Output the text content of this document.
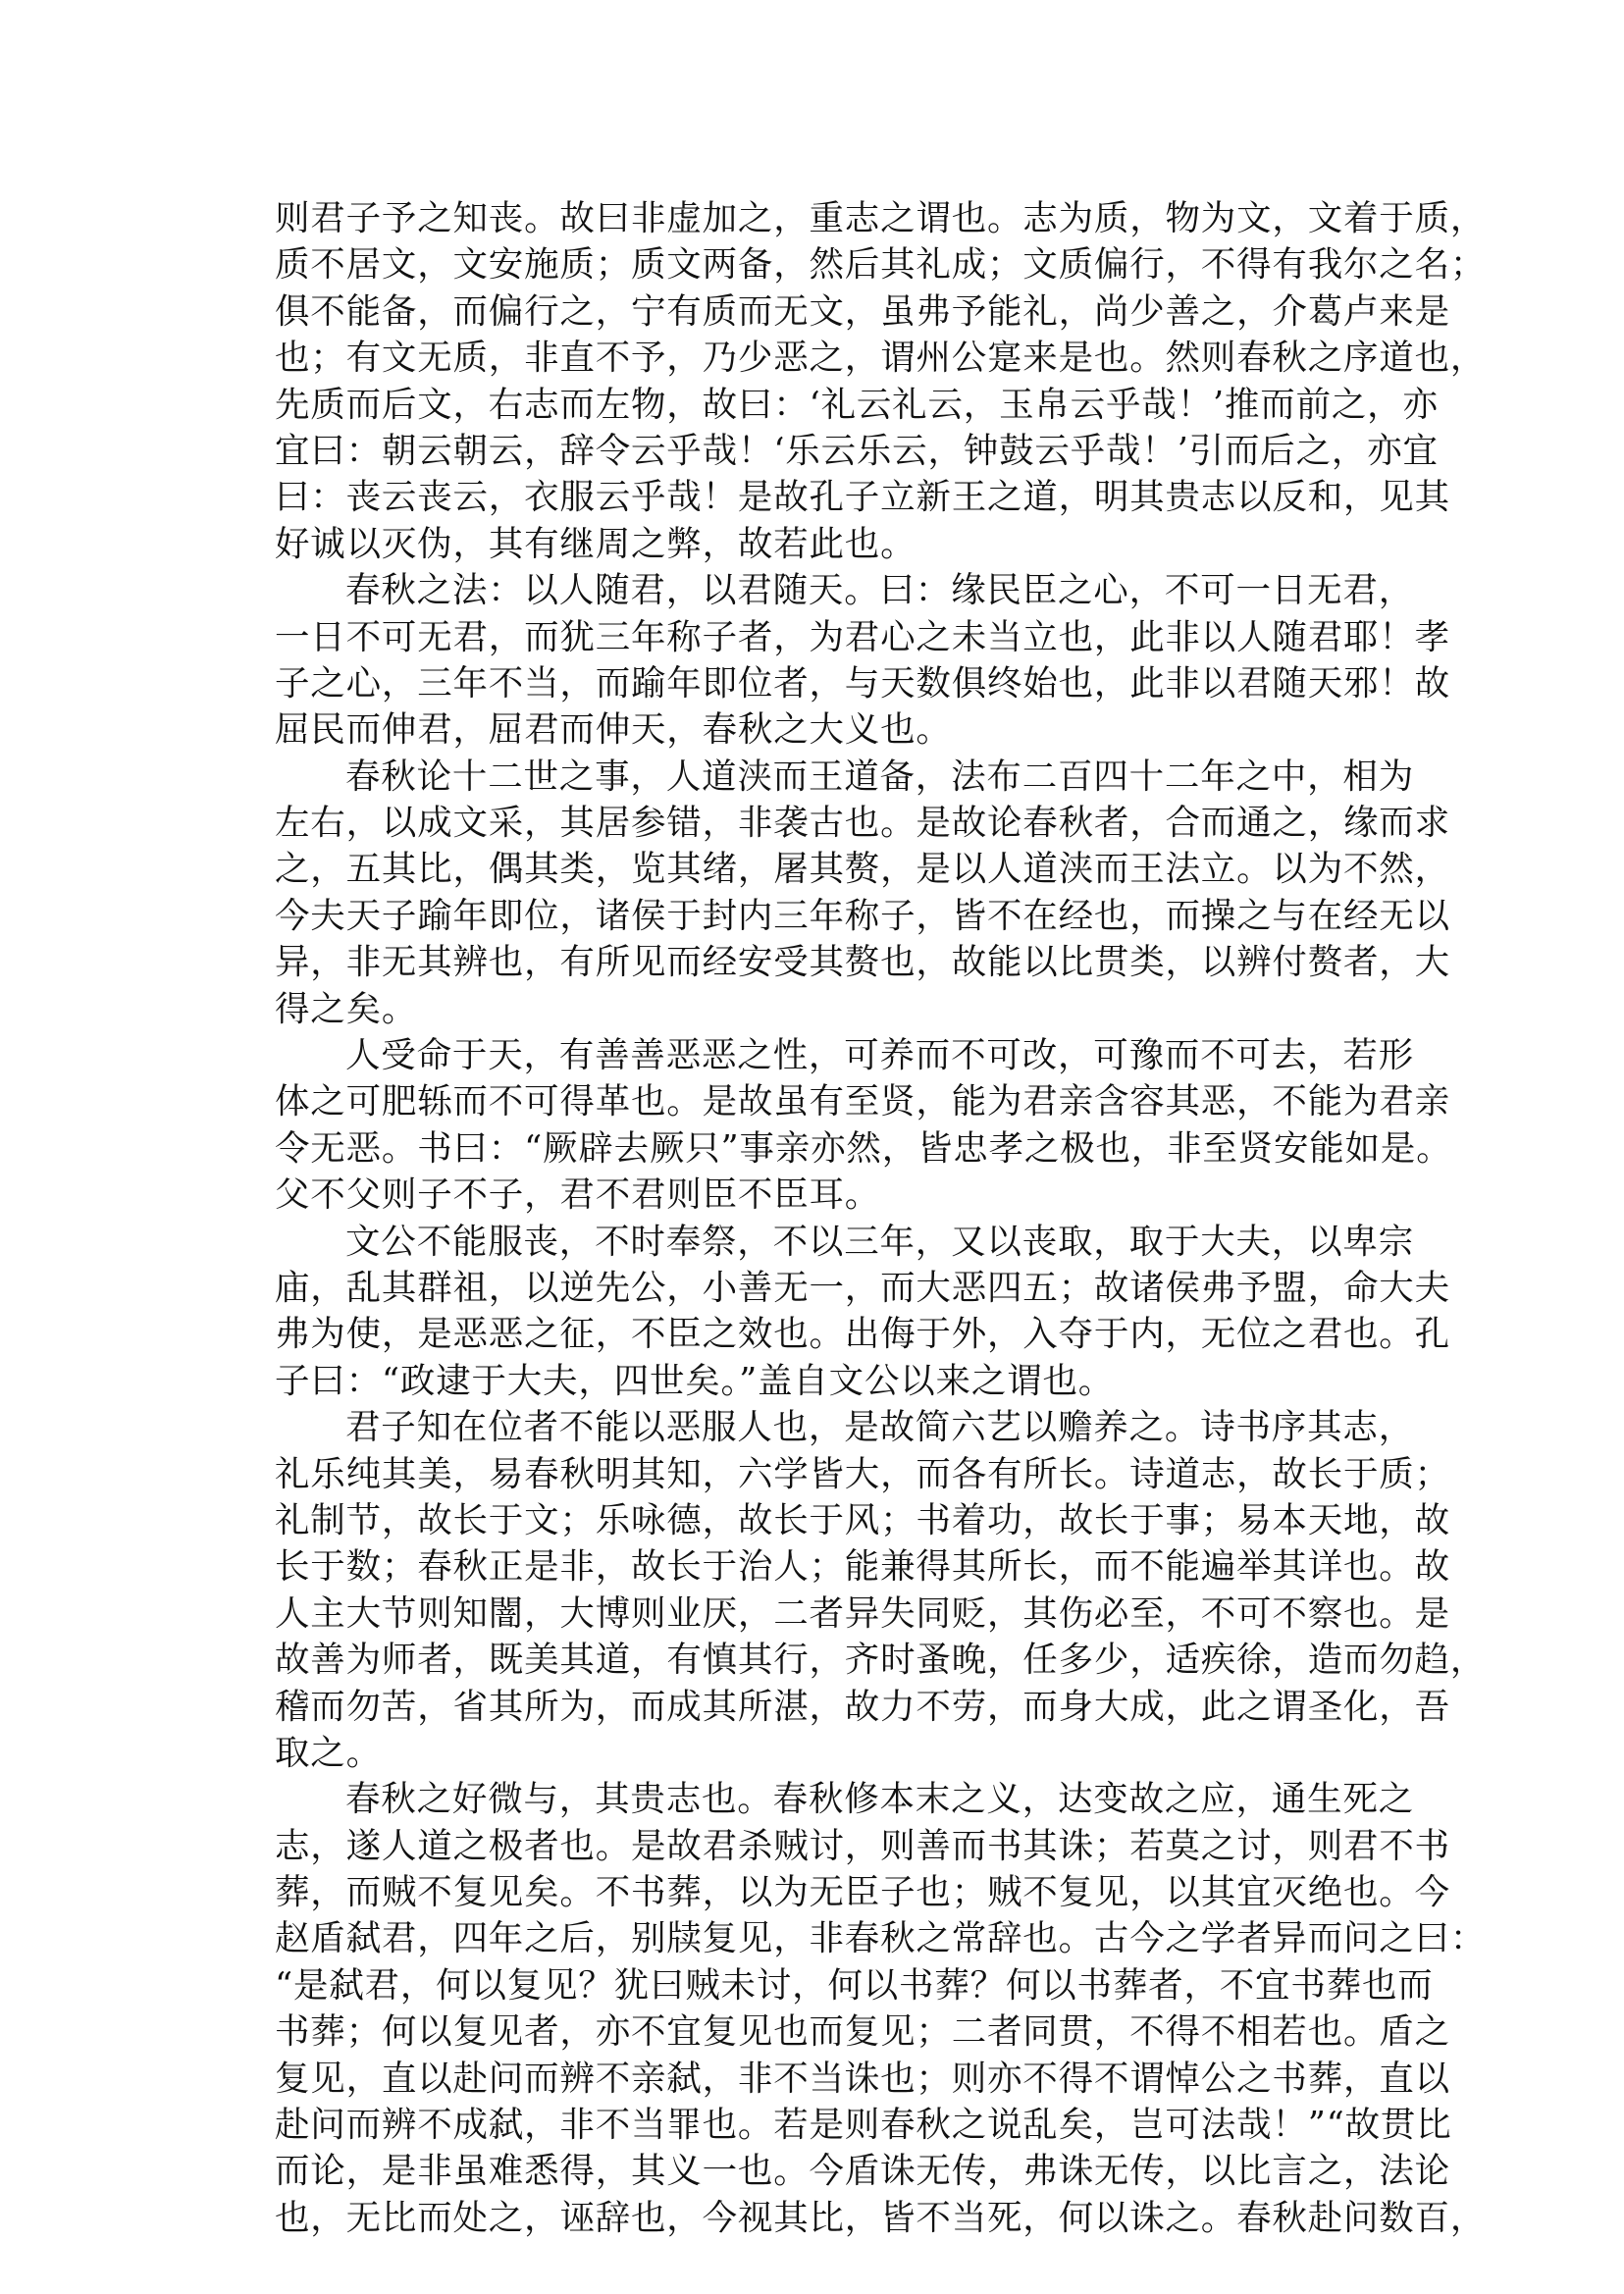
则君子予之知丧。故曰非虚加之，重志之谓也。志为质，物为文，文着于质，
质不居文，文安施质；质文两备，然后其礼成；文质偏行，不得有我尔之名；
俱不能备，而偏行之，宁有质而无文，虽弗予能礼，尚少善之，介葛卢来是
也；有文无质，非直不予，乃少恶之，谓州公寔来是也。然则春秋之序道也，
先质而后文，右志而左物，故曰：‘礼云礼云，玉帛云乎哉！’推而前之，亦
宜曰：朝云朝云，辞令云乎哉！‘乐云乐云，钟鼓云乎哉！’引而后之，亦宜
曰：丧云丧云，衣服云乎哉！是故孔子立新王之道，明其贵志以反和，见其
好诚以灭伪，其有继周之弊，故若此也。
春秋之法：以人随君，以君随天。曰：缘民臣之心，不可一日无君，
一日不可无君，而犹三年称子者，为君心之未当立也，此非以人随君耶！孝
子之心，三年不当，而踰年即位者，与天数俱终始也，此非以君随天邪！故
屈民而伸君，屈君而伸天，春秋之大义也。
春秋论十二世之事，人道浃而王道备，法布二百四十二年之中，相为
左右，以成文采，其居参错，非袭古也。是故论春秋者，合而通之，缘而求
之，五其比，偶其类，览其绪，屠其赘，是以人道浃而王法立。以为不然，
今夫天子踰年即位，诸侯于封内三年称子，皆不在经也，而操之与在经无以
异，非无其辨也，有所见而经安受其赘也，故能以比贯类，以辨付赘者，大
得之矣。
人受命于天，有善善恶恶之性，可养而不可改，可豫而不可去，若形
体之可肥轹而不可得革也。是故虽有至贤，能为君亲含容其恶，不能为君亲
令无恶。书曰：“厥辟去厥只”事亲亦然，皆忠孝之极也，非至贤安能如是。
父不父则子不子，君不君则臣不臣耳。
文公不能服丧，不时奉祭，不以三年，又以丧取，取于大夫，以卑宗
庙，乱其群祖，以逆先公，小善无一，而大恶四五；故诸侯弗予盟，命大夫
弗为使，是恶恶之征，不臣之效也。出侮于外，入夺于内，无位之君也。孔
子曰：“政逮于大夫，四世矣。”盖自文公以来之谓也。
君子知在位者不能以恶服人也，是故简六艺以赡养之。诗书序其志，
礼乐纯其美，易春秋明其知，六学皆大，而各有所长。诗道志，故长于质；
礼制节，故长于文；乐咏德，故长于风；书着功，故长于事；易本天地，故
长于数；春秋正是非，故长于治人；能兼得其所长，而不能遍举其详也。故
人主大节则知闇，大博则业厌，二者异失同贬，其伤必至，不可不察也。是
故善为师者，既美其道，有慎其行，齐时蚤晚，任多少，适疾徐，造而勿趋，
稽而勿苦，省其所为，而成其所湛，故力不劳，而身大成，此之谓圣化，吾
取之。
春秋之好微与，其贵志也。春秋修本末之义，达变故之应，通生死之
志，遂人道之极者也。是故君杀贼讨，则善而书其诛；若莫之讨，则君不书
葬，而贼不复见矣。不书葬，以为无臣子也；贼不复见，以其宜灭绝也。今
赵盾弑君，四年之后，别牍复见，非春秋之常辞也。古今之学者异而问之曰：
“是弑君，何以复见？犹曰贼未讨，何以书葬？何以书葬者，不宜书葬也而
书葬；何以复见者，亦不宜复见也而复见；二者同贯，不得不相若也。盾之
复见，直以赴问而辨不亲弑，非不当诛也；则亦不得不谓悼公之书葬，直以
赴问而辨不成弑，非不当罪也。若是则春秋之说乱矣，岂可法哉！”“故贯比
而论，是非虽难悉得，其义一也。今盾诛无传，弗诛无传，以比言之，法论
也，无比而处之，诬辞也，今视其比，皆不当死，何以诛之。春秋赴问数百，
